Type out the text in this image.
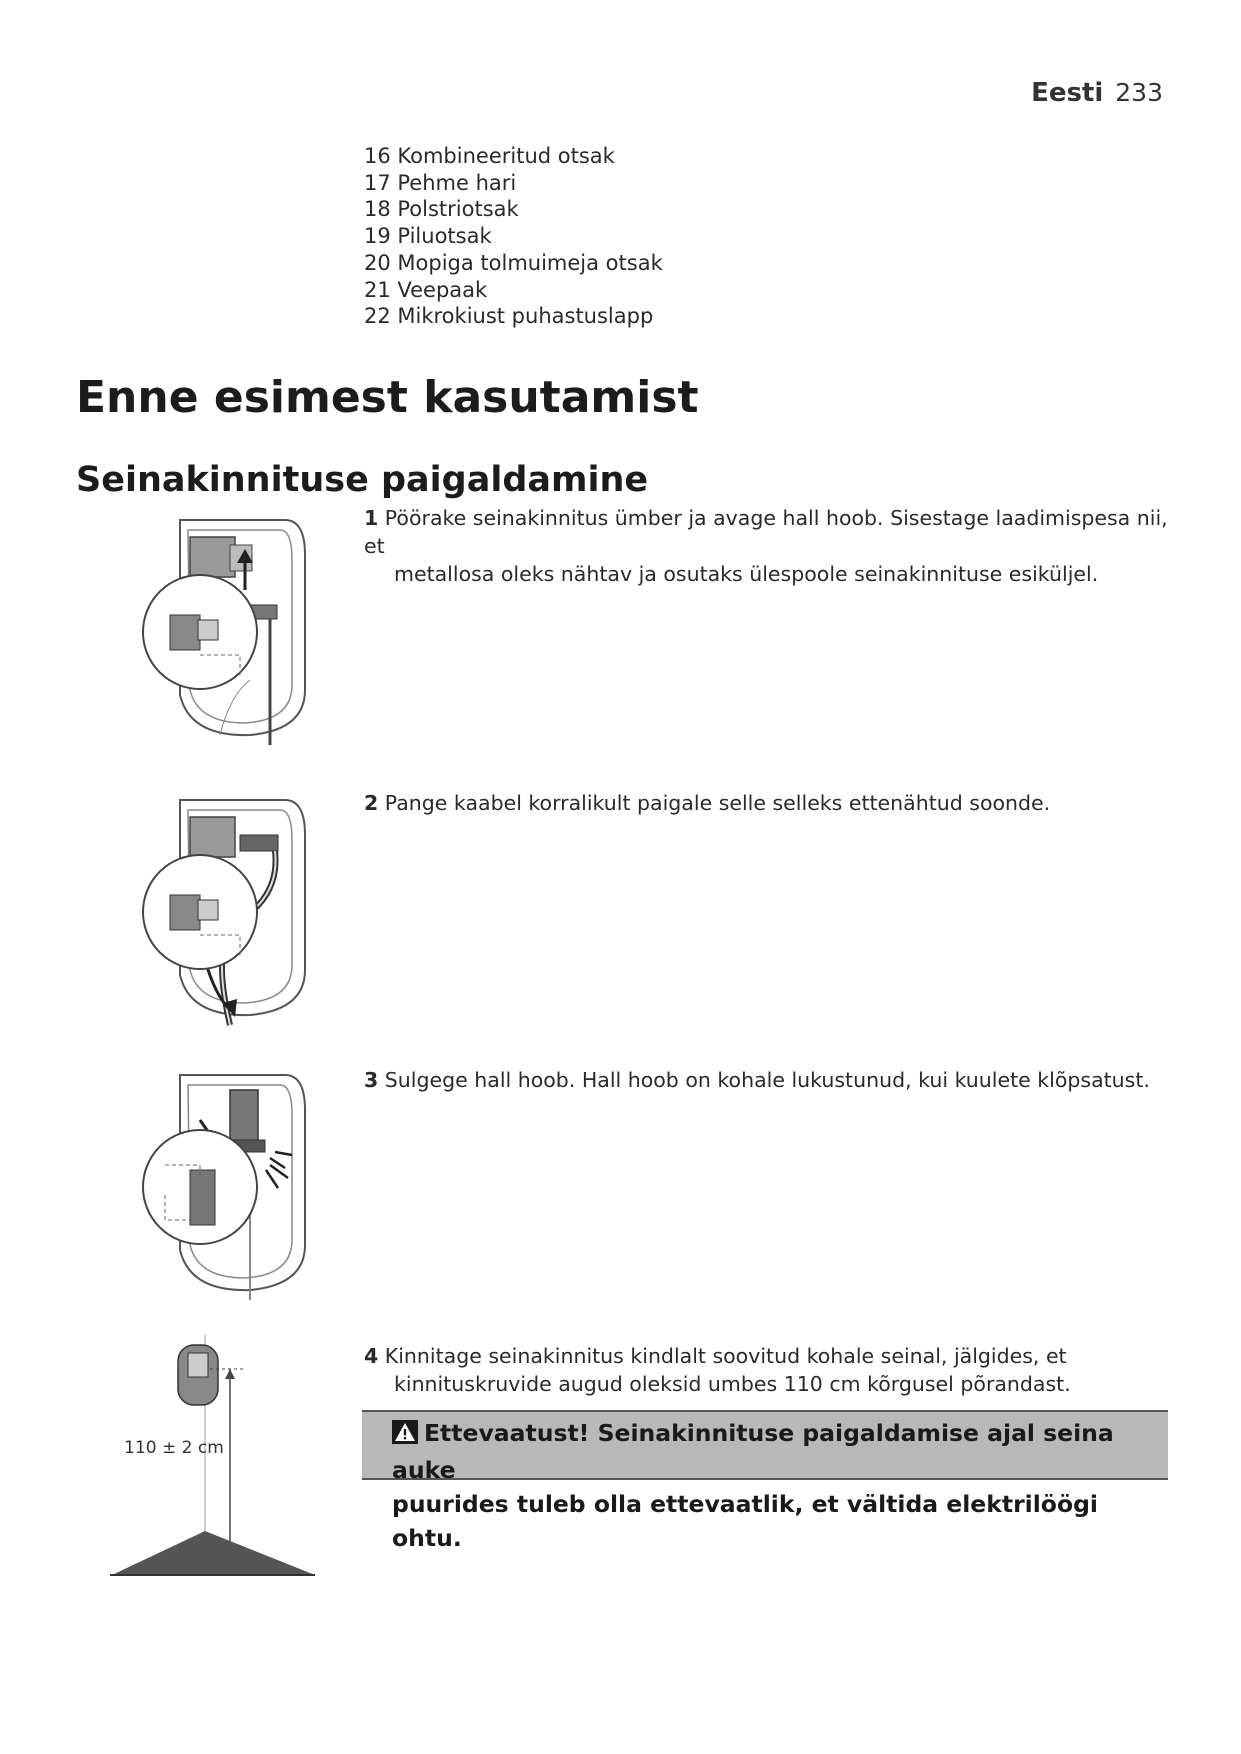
Eesti 233
16 Kombineeritud otsak
17 Pehme hari
18 Polstriotsak
19 Piluotsak
20 Mopiga tolmuimeja otsak
21 Veepaak
22 Mikrokiust puhastuslapp
Enne esimest kasutamist
Seinakinnituse paigaldamine
1 Pöörake seinakinnitus ümber ja avage hall hoob. Sisestage laadimispesa nii, et
metallosa oleks nähtav ja osutaks ülespoole seinakinnituse esiküljel.
2 Pange kaabel korralikult paigale selle selleks ettenähtud soonde.
3 Sulgege hall hoob. Hall hoob on kohale lukustunud, kui kuulete klõpsatust.
4 Kinnitage seinakinnitus kindlalt soovitud kohale seinal, jälgides, et
kinnituskruvide augud oleksid umbes 110 cm kõrgusel põrandast.
110 ± 2 cm
Ettevaatust! Seinakinnituse paigaldamise ajal seina auke
puurides tuleb olla ettevaatlik, et vältida elektrilöögi ohtu.
